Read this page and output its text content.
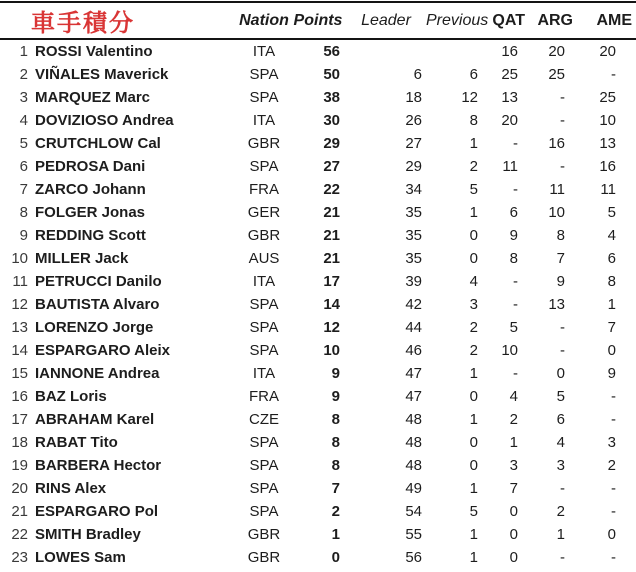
車手積分		Nation	Points	Leader	Previous	QAT	ARG	AME
1	ROSSI Valentino	ITA	56			16	20	20
2	VIÑALES Maverick	SPA	50	6	6	25	25	-
3	MARQUEZ Marc	SPA	38	18	12	13	-	25
4	DOVIZIOSO Andrea	ITA	30	26	8	20	-	10
5	CRUTCHLOW Cal	GBR	29	27	1	-	16	13
6	PEDROSA Dani	SPA	27	29	2	11	-	16
7	ZARCO Johann	FRA	22	34	5	-	11	11
8	FOLGER Jonas	GER	21	35	1	6	10	5
9	REDDING Scott	GBR	21	35	0	9	8	4
10	MILLER Jack	AUS	21	35	0	8	7	6
11	PETRUCCI Danilo	ITA	17	39	4	-	9	8
12	BAUTISTA Alvaro	SPA	14	42	3	-	13	1
13	LORENZO Jorge	SPA	12	44	2	5	-	7
14	ESPARGARO Aleix	SPA	10	46	2	10	-	0
15	IANNONE Andrea	ITA	9	47	1	-	0	9
16	BAZ Loris	FRA	9	47	0	4	5	-
17	ABRAHAM Karel	CZE	8	48	1	2	6	-
18	RABAT Tito	SPA	8	48	0	1	4	3
19	BARBERA Hector	SPA	8	48	0	3	3	2
20	RINS Alex	SPA	7	49	1	7	-	-
21	ESPARGARO Pol	SPA	2	54	5	0	2	-
22	SMITH Bradley	GBR	1	55	1	0	1	0
23	LOWES Sam	GBR	0	56	1	0	-	-
